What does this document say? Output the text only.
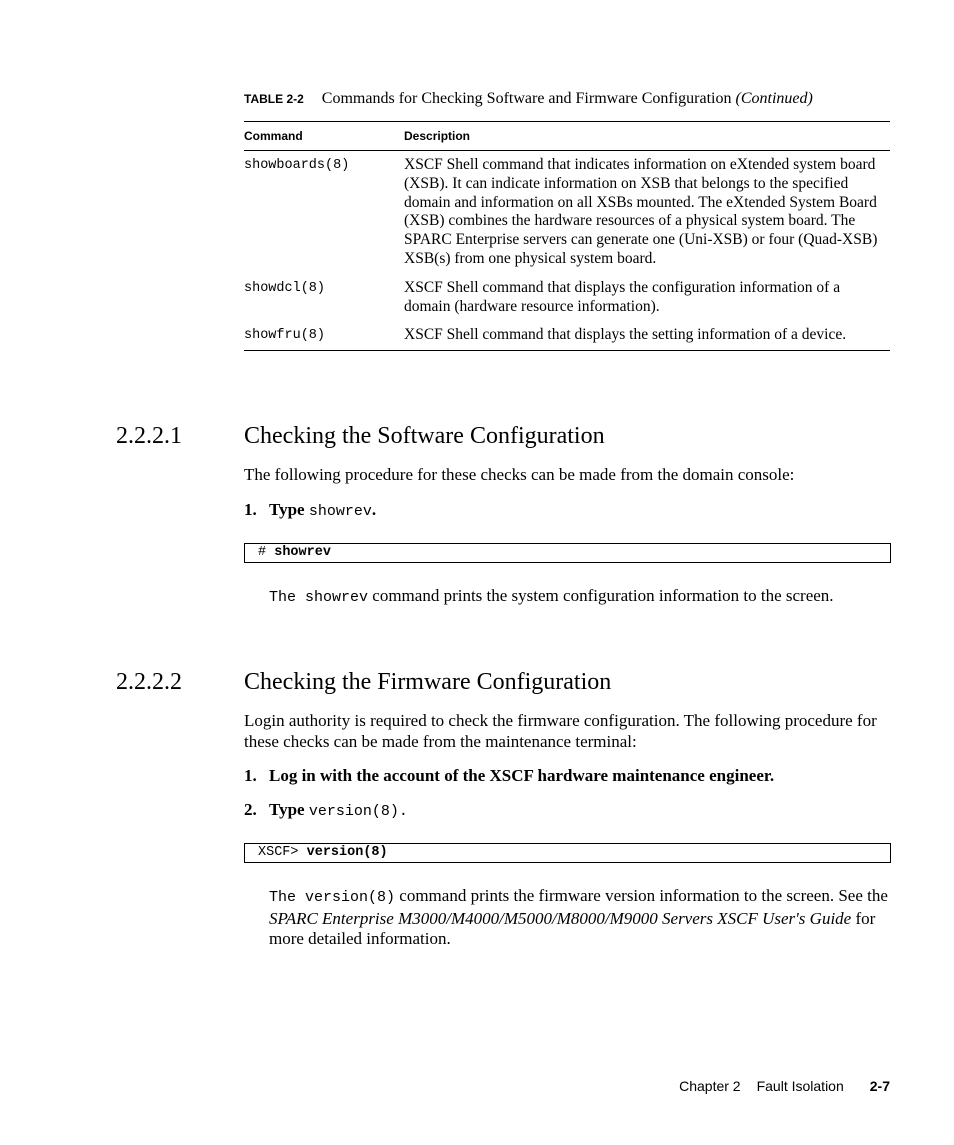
TABLE 2-2 Commands for Checking Software and Firmware Configuration (Continued)
Command	Description
showboards(8)	XSCF Shell command that indicates information on eXtended system board (XSB). It can indicate information on XSB that belongs to the specified domain and information on all XSBs mounted. The eXtended System Board (XSB) combines the hardware resources of a physical system board. The SPARC Enterprise servers can generate one (Uni-XSB) or four (Quad-XSB) XSB(s) from one physical system board.
showdcl(8)	XSCF Shell command that displays the configuration information of a domain (hardware resource information).
showfru(8)	XSCF Shell command that displays the setting information of a device.
2.2.2.1	Checking the Software Configuration
The following procedure for these checks can be made from the domain console:
1. Type showrev.
# showrev
The showrev command prints the system configuration information to the screen.
2.2.2.2	Checking the Firmware Configuration
Login authority is required to check the firmware configuration. The following procedure for these checks can be made from the maintenance terminal:
1. Log in with the account of the XSCF hardware maintenance engineer.
2. Type version(8).
XSCF> version(8)
The version(8) command prints the firmware version information to the screen. See the SPARC Enterprise M3000/M4000/M5000/M8000/M9000 Servers XSCF User's Guide for more detailed information.
Chapter 2 Fault Isolation 2-7
